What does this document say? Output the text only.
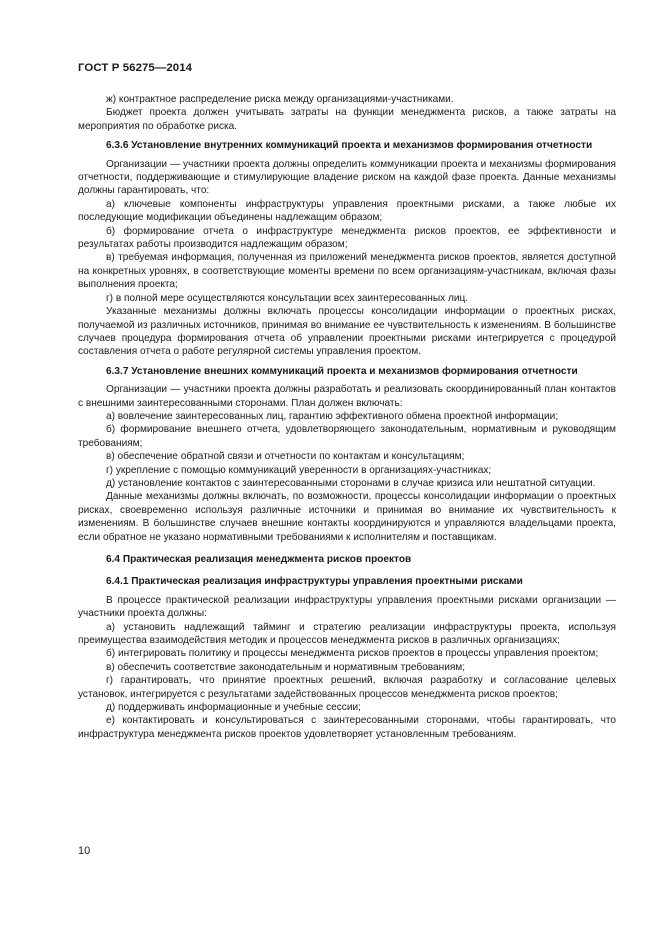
ГОСТ Р 56275—2014

ж) контрактное распределение риска между организациями-участниками.

Бюджет проекта должен учитывать затраты на функции менеджмента рисков, а также затраты на мероприятия по обработке риска.

6.3.6 Установление внутренних коммуникаций проекта и механизмов формирования отчетности

Организации — участники проекта должны определить коммуникации проекта и механизмы формирования отчетности, поддерживающие и стимулирующие владение риском на каждой фазе проекта. Данные механизмы должны гарантировать, что:

а) ключевые компоненты инфраструктуры управления проектными рисками, а также любые их последующие модификации объединены надлежащим образом;

б) формирование отчета о инфраструктуре менеджмента рисков проектов, ее эффективности и результатах работы производится надлежащим образом;

в) требуемая информация, полученная из приложений менеджмента рисков проектов, является доступной на конкретных уровнях, в соответствующие моменты времени по всем организациям-участникам, включая фазы выполнения проекта;

г) в полной мере осуществляются консультации всех заинтересованных лиц.

Указанные механизмы должны включать процессы консолидации информации о проектных рисках, получаемой из различных источников, принимая во внимание ее чувствительность к изменениям. В большинстве случаев процедура формирования отчета об управлении проектными рисками интегрируется с процедурой составления отчета о работе регулярной системы управления проектом.

6.3.7 Установление внешних коммуникаций проекта и механизмов формирования отчетности

Организации — участники проекта должны разработать и реализовать скоординированный план контактов с внешними заинтересованными сторонами. План должен включать:

а) вовлечение заинтересованных лиц, гарантию эффективного обмена проектной информации;

б) формирование внешнего отчета, удовлетворяющего законодательным, нормативным и руководящим требованиям;

в) обеспечение обратной связи и отчетности по контактам и консультациям;

г) укрепление с помощью коммуникаций уверенности в организациях-участниках;

д) установление контактов с заинтересованными сторонами в случае кризиса или нештатной ситуации.

Данные механизмы должны включать, по возможности, процессы консолидации информации о проектных рисках, своевременно используя различные источники и принимая во внимание их чувствительность к изменениям. В большинстве случаев внешние контакты координируются и управляются владельцами проекта, если обратное не указано нормативными требованиями к исполнителям и поставщикам.

6.4 Практическая реализация менеджмента рисков проектов

6.4.1 Практическая реализация инфраструктуры управления проектными рисками

В процессе практической реализации инфраструктуры управления проектными рисками организации — участники проекта должны:

а) установить надлежащий тайминг и стратегию реализации инфраструктуры проекта, используя преимущества взаимодействия методик и процессов менеджмента рисков в различных организациях;

б) интегрировать политику и процессы менеджмента рисков проектов в процессы управления проектом;

в) обеспечить соответствие законодательным и нормативным требованиям;

г) гарантировать, что принятие проектных решений, включая разработку и согласование целевых установок, интегрируется с результатами задействованных процессов менеджмента рисков проектов;

д) поддерживать информационные и учебные сессии;

е) контактировать и консультироваться с заинтересованными сторонами, чтобы гарантировать, что инфраструктура менеджмента рисков проектов удовлетворяет установленным требованиям.

10
